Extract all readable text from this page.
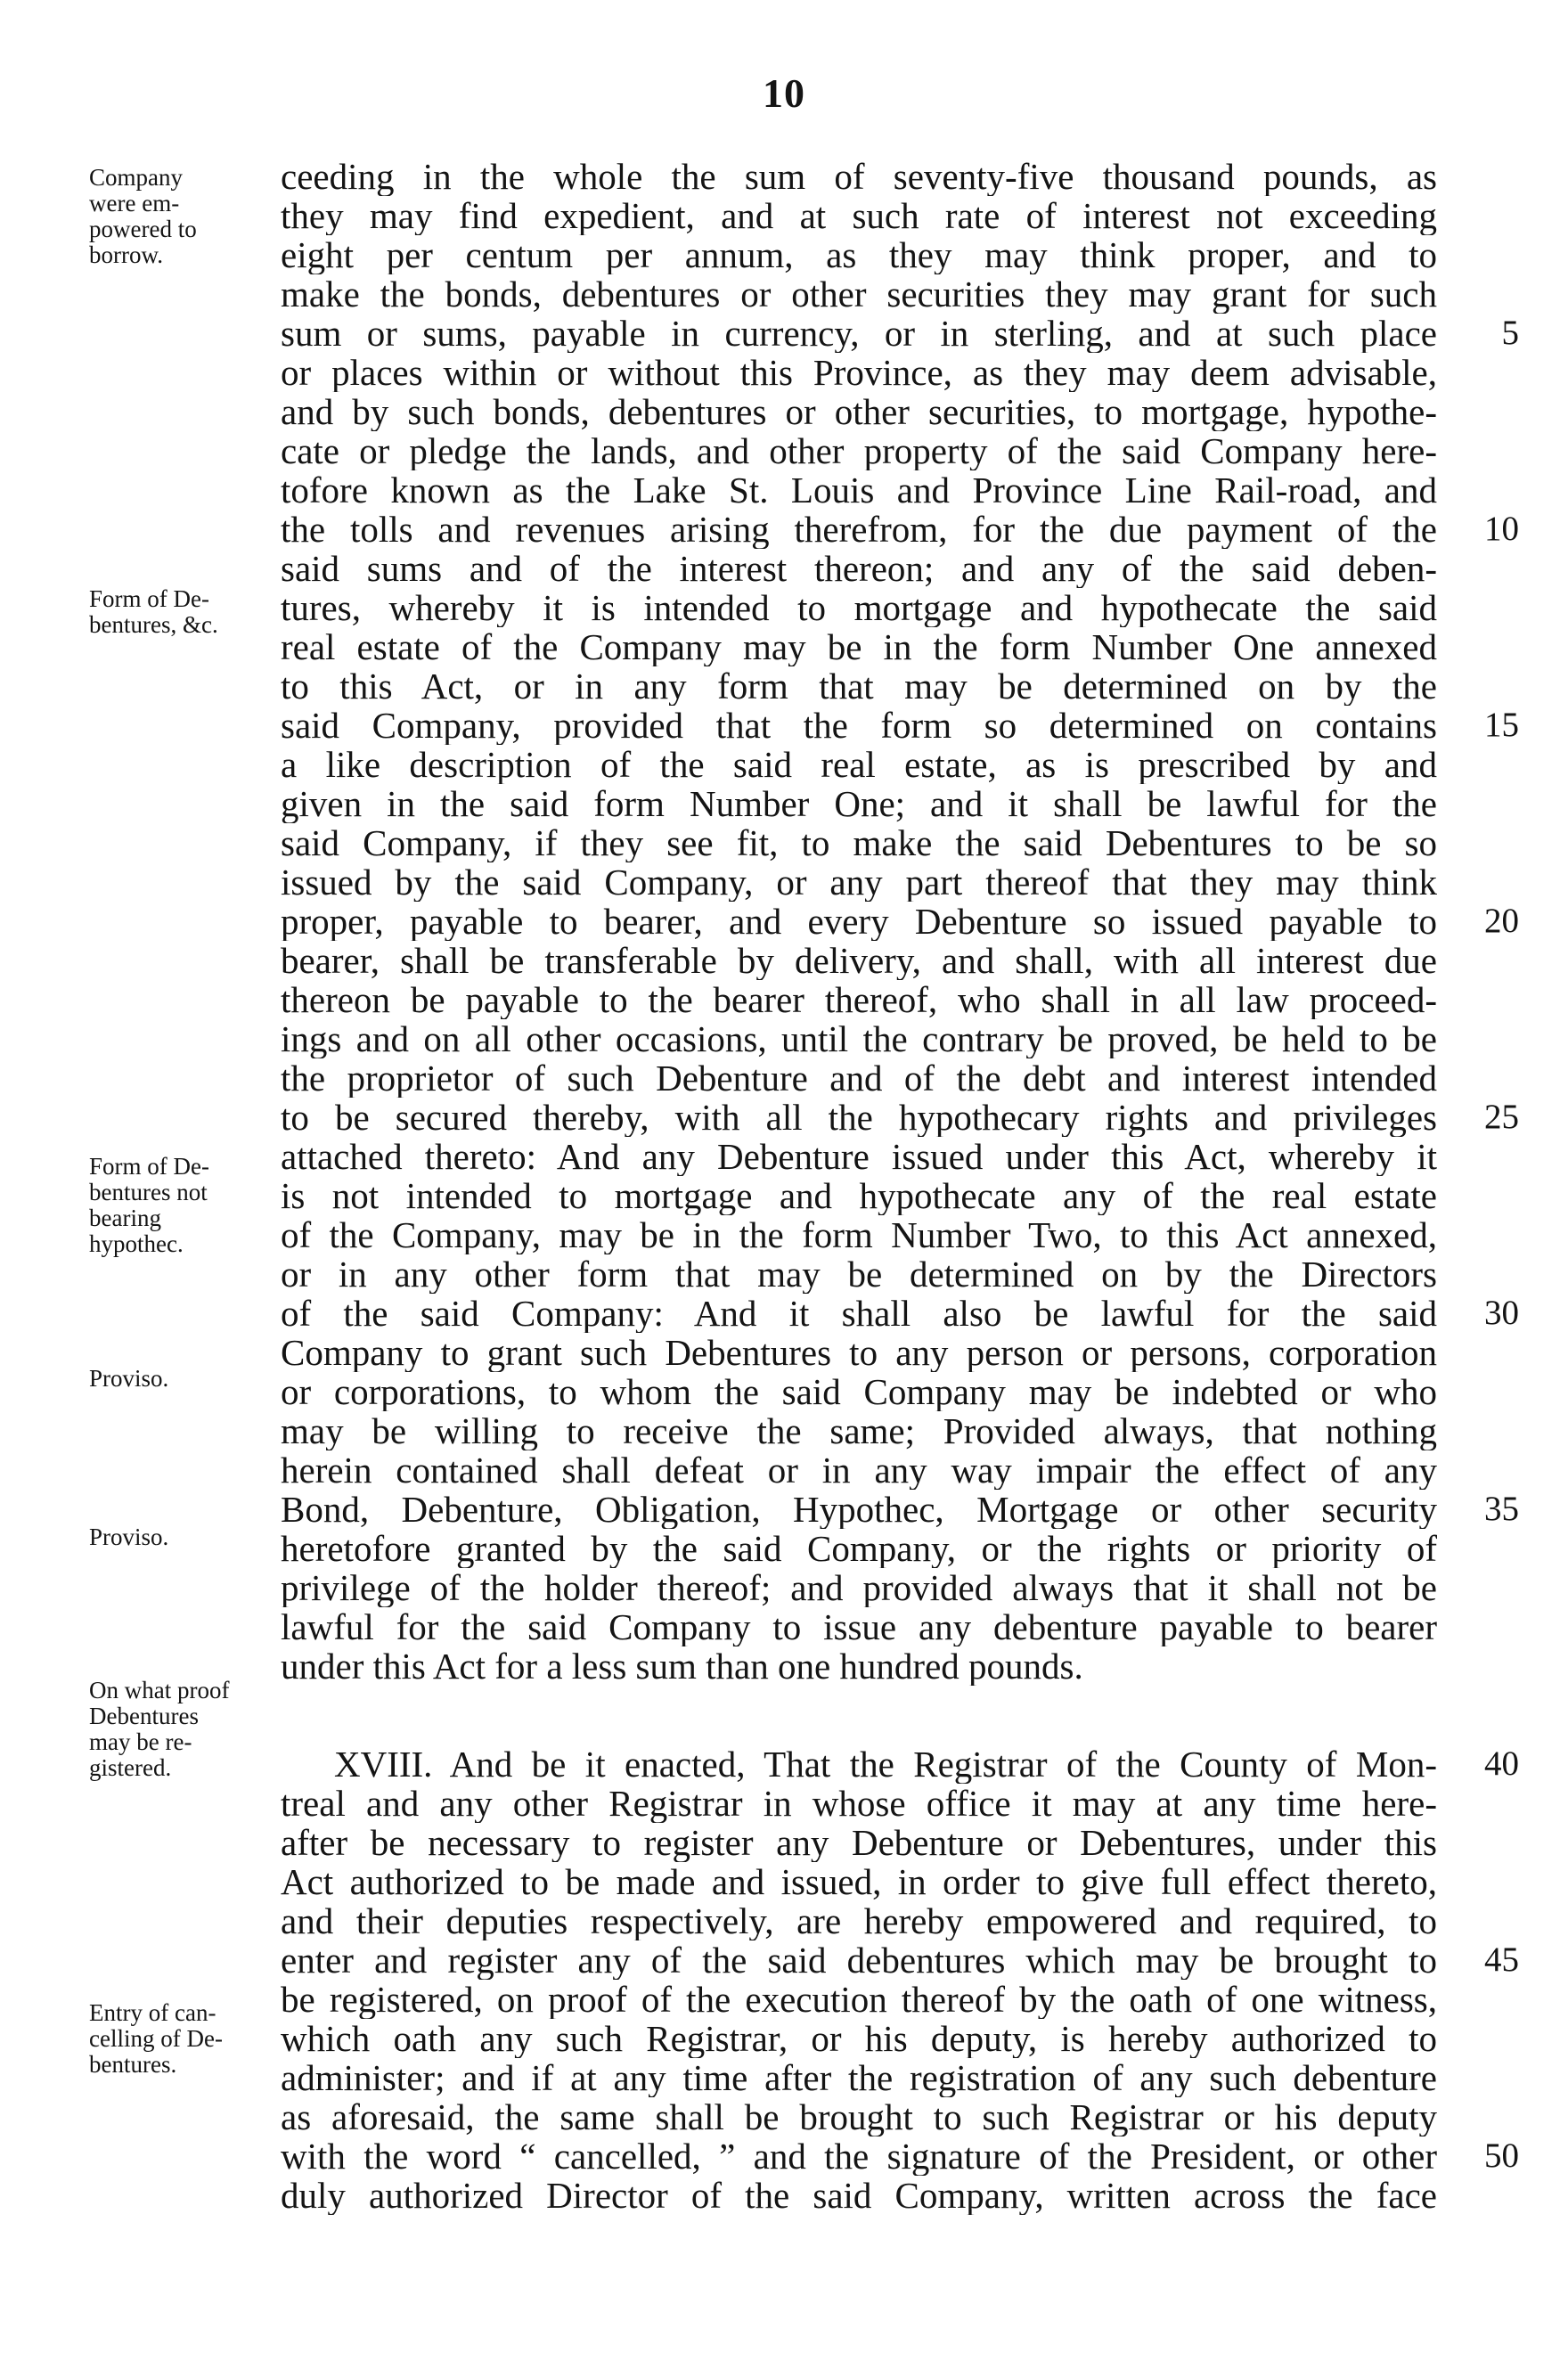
10
Company
were em-
powered to
borrow.
Form of De-
bentures, &c.
Form of De-
bentures not
bearing
hypothec.
Proviso.
Proviso.
On what proof
Debentures
may be re-
gistered.
Entry of can-
celling of De-
bentures.
ceeding in the whole the sum of seventy-five thousand pounds, as
they may find expedient, and at such rate of interest not exceeding
eight per centum per annum, as they may think proper, and to
make the bonds, debentures or other securities they may grant for such
sum or sums, payable in currency, or in sterling, and at such place
or places within or without this Province, as they may deem advisable,
and by such bonds, debentures or other securities, to mortgage, hypothe-
cate or pledge the lands, and other property of the said Company here-
tofore known as the Lake St. Louis and Province Line Rail-road, and
the tolls and revenues arising therefrom, for the due payment of the
said sums and of the interest thereon; and any of the said deben-
tures, whereby it is intended to mortgage and hypothecate the said
real estate of the Company may be in the form Number One annexed
to this Act, or in any form that may be determined on by the
said Company, provided that the form so determined on contains
a like description of the said real estate, as is prescribed by and
given in the said form Number One; and it shall be lawful for the
said Company, if they see fit, to make the said Debentures to be so
issued by the said Company, or any part thereof that they may think
proper, payable to bearer, and every Debenture so issued payable to
bearer, shall be transferable by delivery, and shall, with all interest due
thereon be payable to the bearer thereof, who shall in all law proceed-
ings and on all other occasions, until the contrary be proved, be held to be
the proprietor of such Debenture and of the debt and interest intended
to be secured thereby, with all the hypothecary rights and privileges
attached thereto: And any Debenture issued under this Act, whereby it
is not intended to mortgage and hypothecate any of the real estate
of the Company, may be in the form Number Two, to this Act annexed,
or in any other form that may be determined on by the Directors
of the said Company: And it shall also be lawful for the said
Company to grant such Debentures to any person or persons, corporation
or corporations, to whom the said Company may be indebted or who
may be willing to receive the same; Provided always, that nothing
herein contained shall defeat or in any way impair the effect of any
Bond, Debenture, Obligation, Hypothec, Mortgage or other security
heretofore granted by the said Company, or the rights or priority of
privilege of the holder thereof; and provided always that it shall not be
lawful for the said Company to issue any debenture payable to bearer
under this Act for a less sum than one hundred pounds.
XVIII. And be it enacted, That the Registrar of the County of Mon-
treal and any other Registrar in whose office it may at any time here-
after be necessary to register any Debenture or Debentures, under this
Act authorized to be made and issued, in order to give full effect thereto,
and their deputies respectively, are hereby empowered and required, to
enter and register any of the said debentures which may be brought to
be registered, on proof of the execution thereof by the oath of one witness,
which oath any such Registrar, or his deputy, is hereby authorized to
administer; and if at any time after the registration of any such debenture
as aforesaid, the same shall be brought to such Registrar or his deputy
with the word “ cancelled, ” and the signature of the President, or other
duly authorized Director of the said Company, written across the face
5
10
15
20
25
30
35
40
45
50
